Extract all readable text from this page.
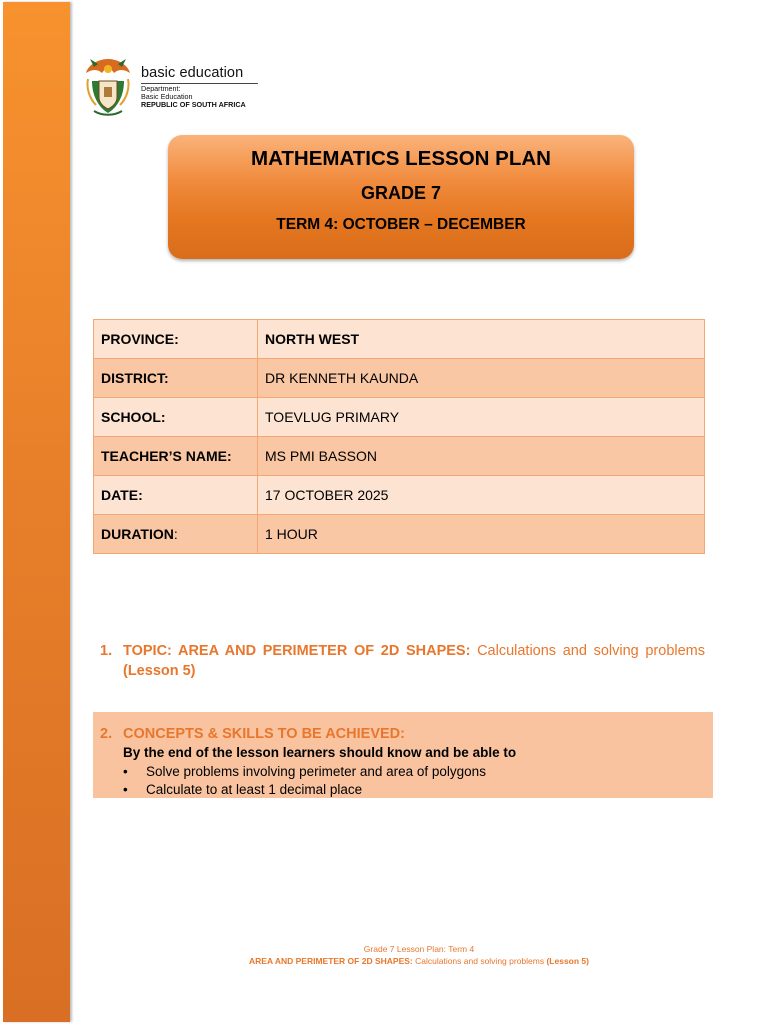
basic education
Department:
Basic Education
REPUBLIC OF SOUTH AFRICA
MATHEMATICS LESSON PLAN
GRADE 7
TERM 4: OCTOBER – DECEMBER
PROVINCE:	NORTH WEST
DISTRICT:	DR KENNETH KAUNDA
SCHOOL:	TOEVLUG PRIMARY
TEACHER’S NAME:	MS PMI BASSON
DATE:	17 OCTOBER 2025
DURATION:	1 HOUR
1. TOPIC: AREA AND PERIMETER OF 2D SHAPES: Calculations and solving problems (Lesson 5)
2. CONCEPTS & SKILLS TO BE ACHIEVED:
By the end of the lesson learners should know and be able to
• Solve problems involving perimeter and area of polygons
• Calculate to at least 1 decimal place
Grade 7 Lesson Plan: Term 4
AREA AND PERIMETER OF 2D SHAPES: Calculations and solving problems (Lesson 5)
